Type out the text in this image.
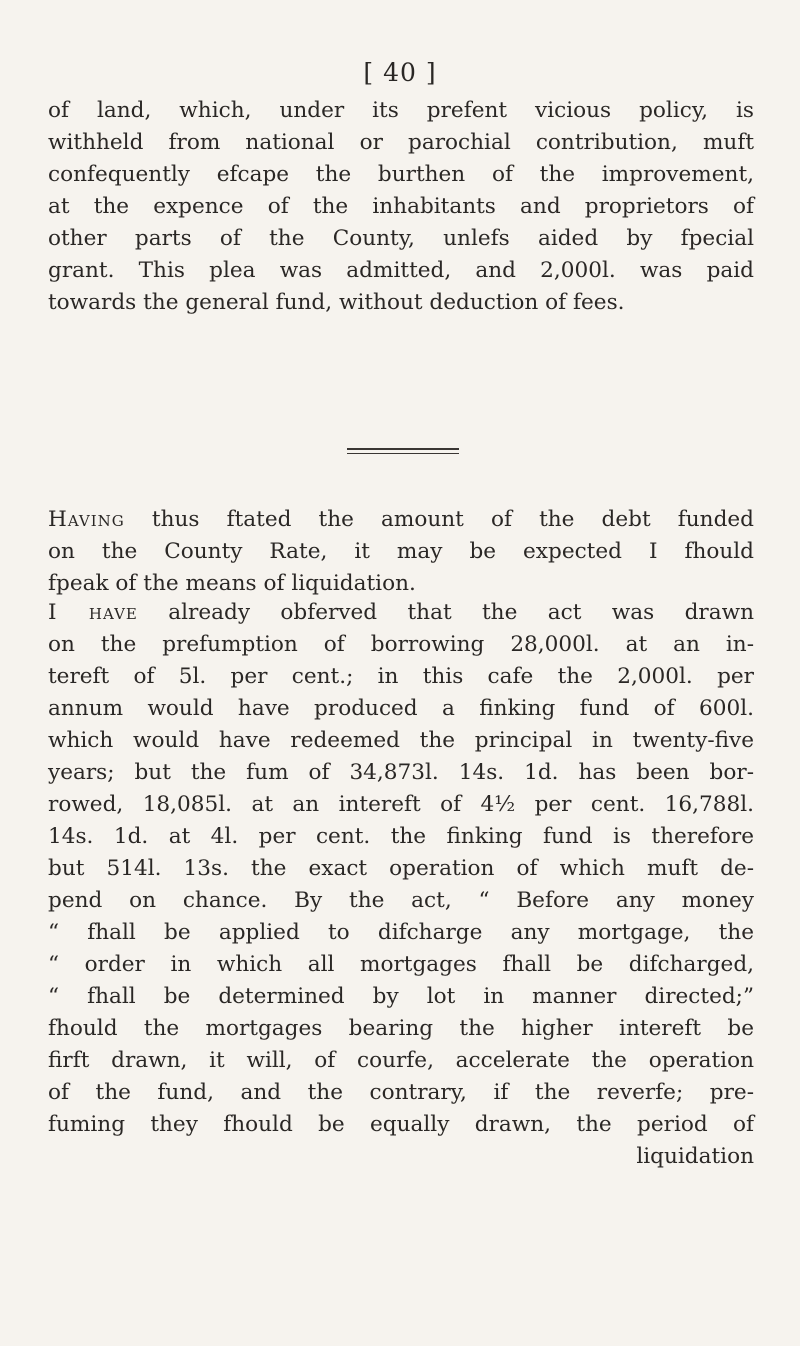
[ 40 ]
of land, which, under its prefent vicious policy, is
withheld from national or parochial contribution, muft
confequently efcape the burthen of the improvement,
at the expence of the inhabitants and proprietors of
other parts of the County, unlefs aided by fpecial
grant. This plea was admitted, and 2,000l. was paid
towards the general fund, without deduction of fees.
Having thus ftated the amount of the debt funded
on the County Rate, it may be expected I fhould
fpeak of the means of liquidation.
I have already obferved that the act was drawn
on the prefumption of borrowing 28,000l. at an in-
tereft of 5l. per cent.; in this cafe the 2,000l. per
annum would have produced a finking fund of 600l.
which would have redeemed the principal in twenty-five
years; but the fum of 34,873l. 14s. 1d. has been bor-
rowed, 18,085l. at an intereft of 4½ per cent. 16,788l.
14s. 1d. at 4l. per cent. the finking fund is therefore
but 514l. 13s. the exact operation of which muft de-
pend on chance. By the act, “ Before any money
“ fhall be applied to difcharge any mortgage, the
“ order in which all mortgages fhall be difcharged,
“ fhall be determined by lot in manner directed;”
fhould the mortgages bearing the higher intereft be
firft drawn, it will, of courfe, accelerate the operation
of the fund, and the contrary, if the reverfe; pre-
fuming they fhould be equally drawn, the period of
liquidation
